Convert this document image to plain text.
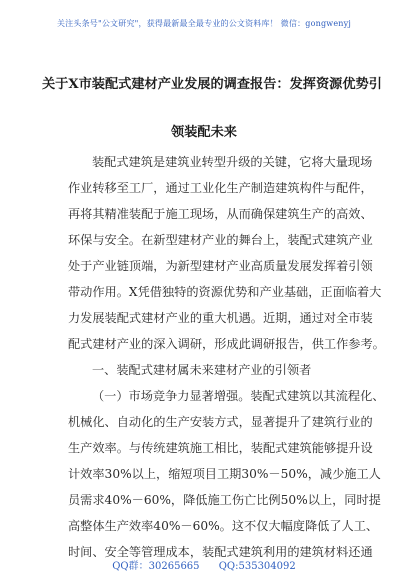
关注头条号"公文研究"，获得最新最全最专业的公文资料库！ 微信：gongwenyj
关于X市装配式建材产业发展的调查报告：发挥资源优势引
领装配未来
装配式建筑是建筑业转型升级的关键，它将大量现场
作业转移至工厂，通过工业化生产制造建筑构件与配件，
再将其精准装配于施工现场，从而确保建筑生产的高效、
环保与安全。在新型建材产业的舞台上，装配式建筑产业
处于产业链顶端，为新型建材产业高质量发展发挥着引领
带动作用。X凭借独特的资源优势和产业基础，正面临着大
力发展装配式建材产业的重大机遇。近期，通过对全市装
配式建材产业的深入调研，形成此调研报告，供工作参考。
一、装配式建材属未来建材产业的引领者
（一）市场竞争力显著增强。装配式建筑以其流程化、
机械化、自动化的生产安装方式，显著提升了建筑行业的
生产效率。与传统建筑施工相比，装配式建筑能够提升设
计效率30%以上，缩短项目工期30%－50%，减少施工人
员需求40%－60%，降低施工伤亡比例50%以上，同时提
高整体生产效率40%－60%。这不仅大幅度降低了人工、
时间、安全等管理成本，装配式建筑利用的建筑材料还通
QQ群：30265665 QQ:535304092
